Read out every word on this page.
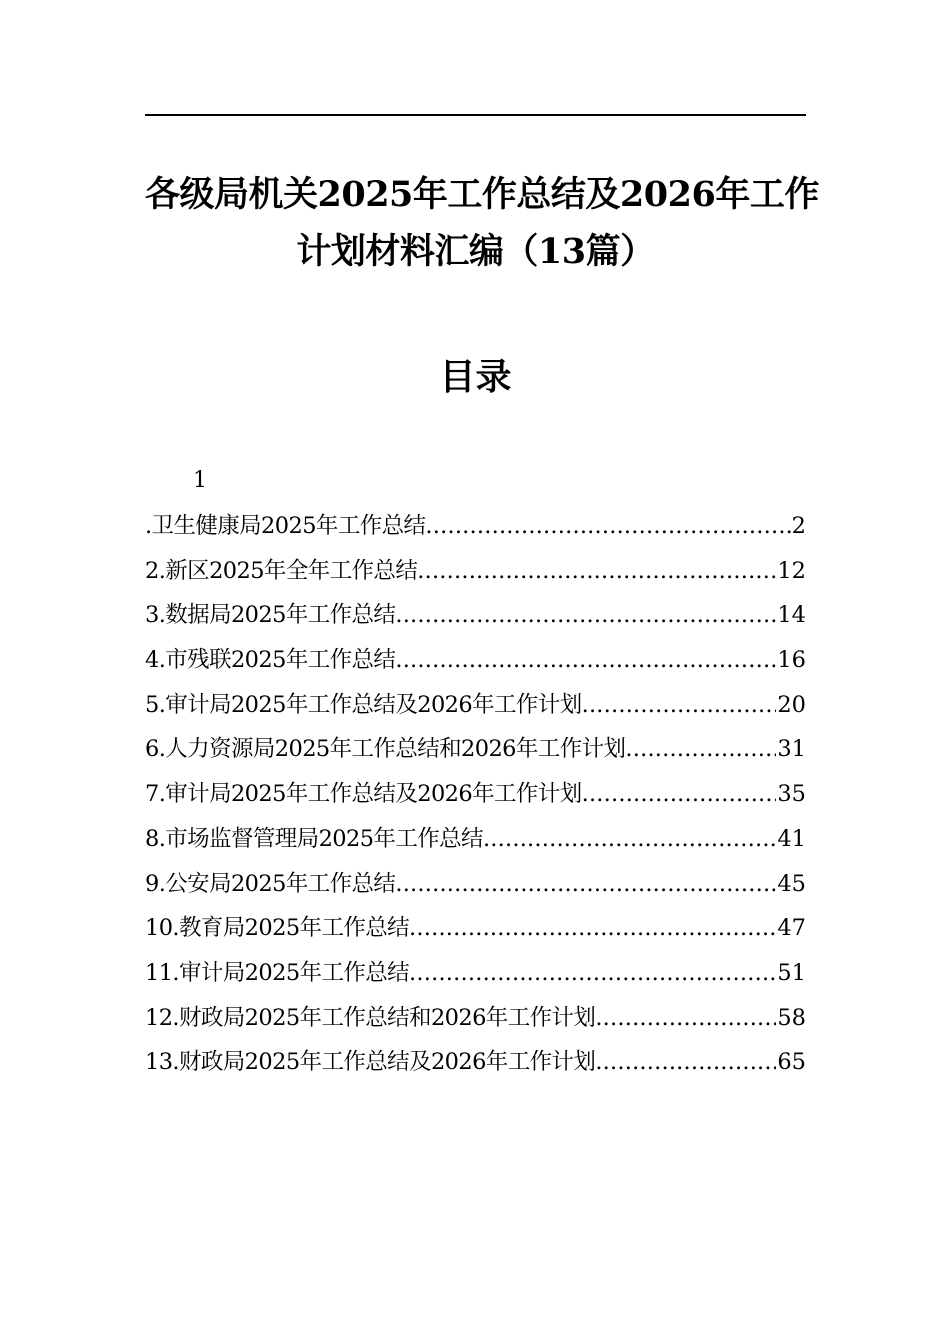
各级局机关2025年工作总结及2026年工作
计划材料汇编（13篇）
目录
1
.卫生健康局2025年工作总结 .....	2
2.新区2025年全年工作总结 .....	12
3.数据局2025年工作总结 .....	14
4.市残联2025年工作总结 .....	16
5.审计局2025年工作总结及2026年工作计划 .....	20
6.人力资源局2025年工作总结和2026年工作计划 .....	31
7.审计局2025年工作总结及2026年工作计划 .....	35
8.市场监督管理局2025年工作总结 .....	41
9.公安局2025年工作总结 .....	45
10.教育局2025年工作总结 .....	47
11.审计局2025年工作总结 .....	51
12.财政局2025年工作总结和2026年工作计划 .....	58
13.财政局2025年工作总结及2026年工作计划 .....	65
